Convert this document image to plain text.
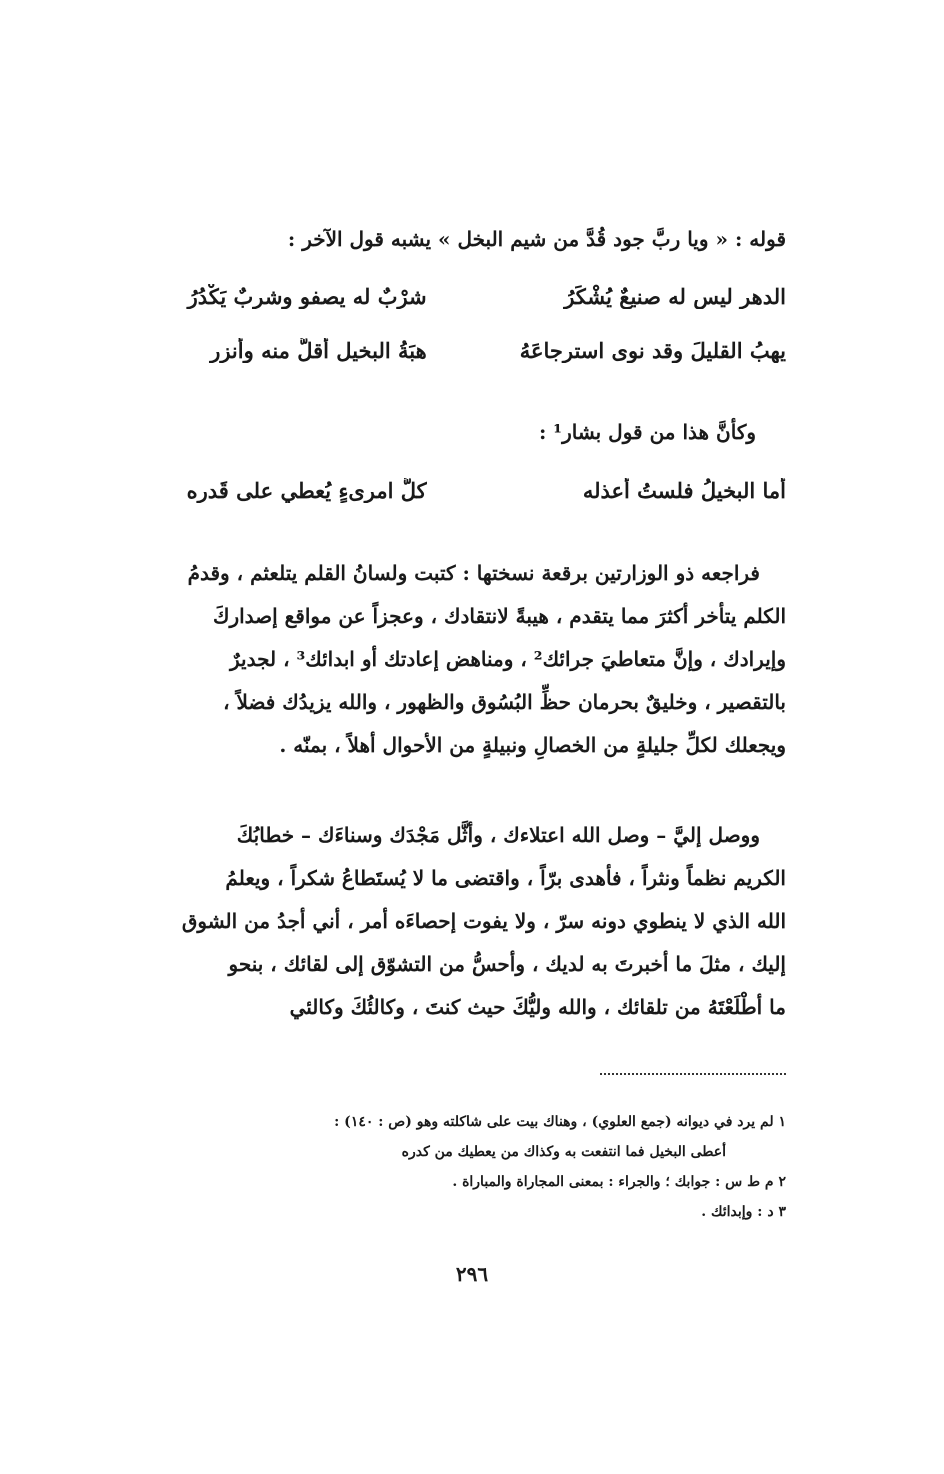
قوله : « ويا ربَّ جود قُدَّ من شيم البخل » يشبه قول الآخر :
الدهر ليس له صنيعٌ يُشْكَرُ
شرْبٌ له يصفو وشربٌ يَكْدُرُ
يهبُ القليلَ وقد نوى استرجاعَهُ
هبَةُ البخيل أقلُّ منه وأنزر
وكأنَّ هذا من قول بشار¹ :
أما البخيلُ فلستُ أعذله
كلُّ امرىءٍ يُعطي على قَدرِه
فراجعه ذو الوزارتين برقعة نسختها : كتبت ولسانُ القلم يتلعثم ، وقدمُ
الكلم يتأخر أكثرَ مما يتقدم ، هيبةً لانتقادك ، وعجزاً عن مواقع إصداركَ
وإيرادك ، وإنَّ متعاطيَ جرائك² ، ومناهض إعادتك أو ابدائك³ ، لجديرٌ
بالتقصير ، وخليقٌ بحرمان حظِّ البُسُوق والظهور ، والله يزيدُك فضلاً ،
ويجعلك لكلِّ جليلةٍ من الخصالِ ونبيلةٍ من الأحوال أهلاً ، بمنّه .
ووصل إليَّ – وصل الله اعتلاءك ، وأثَّل مَجْدَك وسناءَك – خطابُكَ
الكريم نظماً ونثراً ، فأهدى برّاً ، واقتضى ما لا يُستَطاعُ شكراً ، ويعلمُ
الله الذي لا ينطوي دونه سرّ ، ولا يفوت إحصاءَه أمر ، أني أجدُ من الشوق
إليك ، مثلَ ما أخبرتَ به لديك ، وأحسُّ من التشوّق إلى لقائك ، بنحو
ما أطْلَعْتَهُ من تلقائك ، والله وليُّكَ حيث كنتَ ، وكالئُكَ وكالئي
١ لم يرد في ديوانه (جمع العلوي) ، وهناك بيت على شاكلته وهو (ص : ١٤٠) :
أعطى البخيل فما انتفعت به وكذاك من يعطيك من كدره
٢ م ط س : جوابك ؛ والجراء : بمعنى المجاراة والمباراة .
٣ د : وإبدائك .
٢٩٦
